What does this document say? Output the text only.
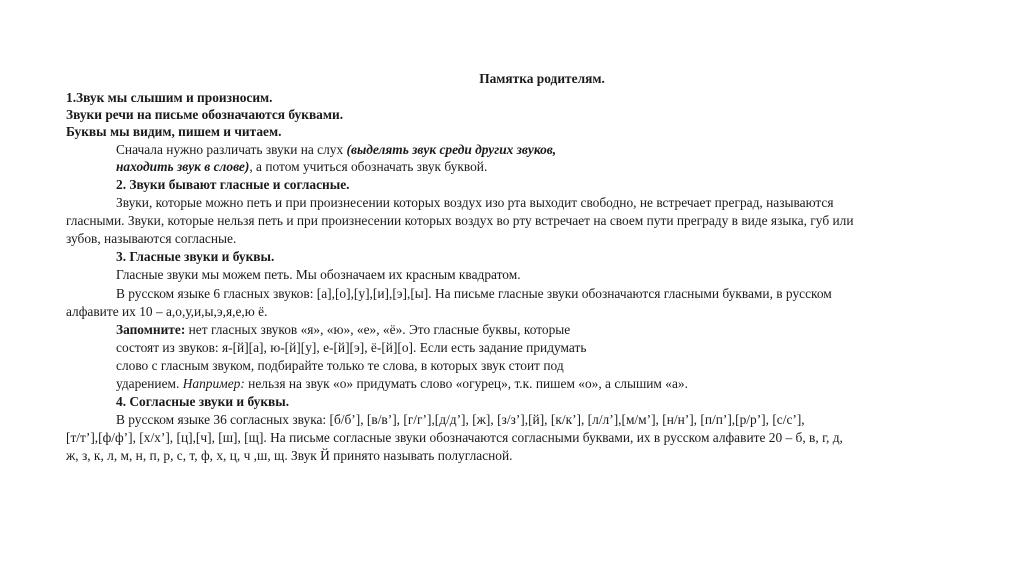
Памятка родителям.
1.Звук мы слышим и произносим.
Звуки речи на письме обозначаются буквами.
Буквы мы видим, пишем и читаем.
Сначала нужно различать звуки на слух (выделять звук среди других звуков,
находить звук в слове), а потом учиться обозначать звук буквой.
2. Звуки бывают гласные и согласные.
Звуки, которые можно петь и при произнесении которых воздух изо рта выходит свободно, не встречает преград, называются
гласными. Звуки, которые нельзя петь и при произнесении которых воздух во рту встречает на своем пути преграду в виде языка, губ или
зубов, называются согласные.
3. Гласные звуки и буквы.
Гласные звуки мы можем петь. Мы обозначаем их красным квадратом.
В русском языке 6 гласных звуков: [а],[о],[у],[и],[э],[ы]. На письме гласные звуки обозначаются гласными буквами, в русском
алфавите их 10 – а,о,у,и,ы,э,я,е,ю ё.
Запомните: нет гласных звуков «я», «ю», «е», «ё». Это гласные буквы, которые
состоят из звуков: я-[й][а], ю-[й][у], е-[й][э], ё-[й][о]. Если есть задание придумать
слово с гласным звуком, подбирайте только те слова, в которых звук стоит под
ударением. Например: нельзя на звук «о» придумать слово «огурец», т.к. пишем «о», а слышим «а».
4. Согласные звуки и буквы.
В русском языке 36 согласных звука: [б/б’], [в/в’], [г/г’],[д/д’], [ж], [з/з’],[й], [к/к’], [л/л’],[м/м’], [н/н’], [п/п’],[р/р’], [с/с’],
[т/т’],[ф/ф’], [х/х’], [ц],[ч], [ш], [щ]. На письме согласные звуки обозначаются согласными буквами, их в русском алфавите 20 – б, в, г, д,
ж, з, к, л, м, н, п, р, с, т, ф, х, ц, ч ,ш, щ. Звук Й принято называть полугласной.
